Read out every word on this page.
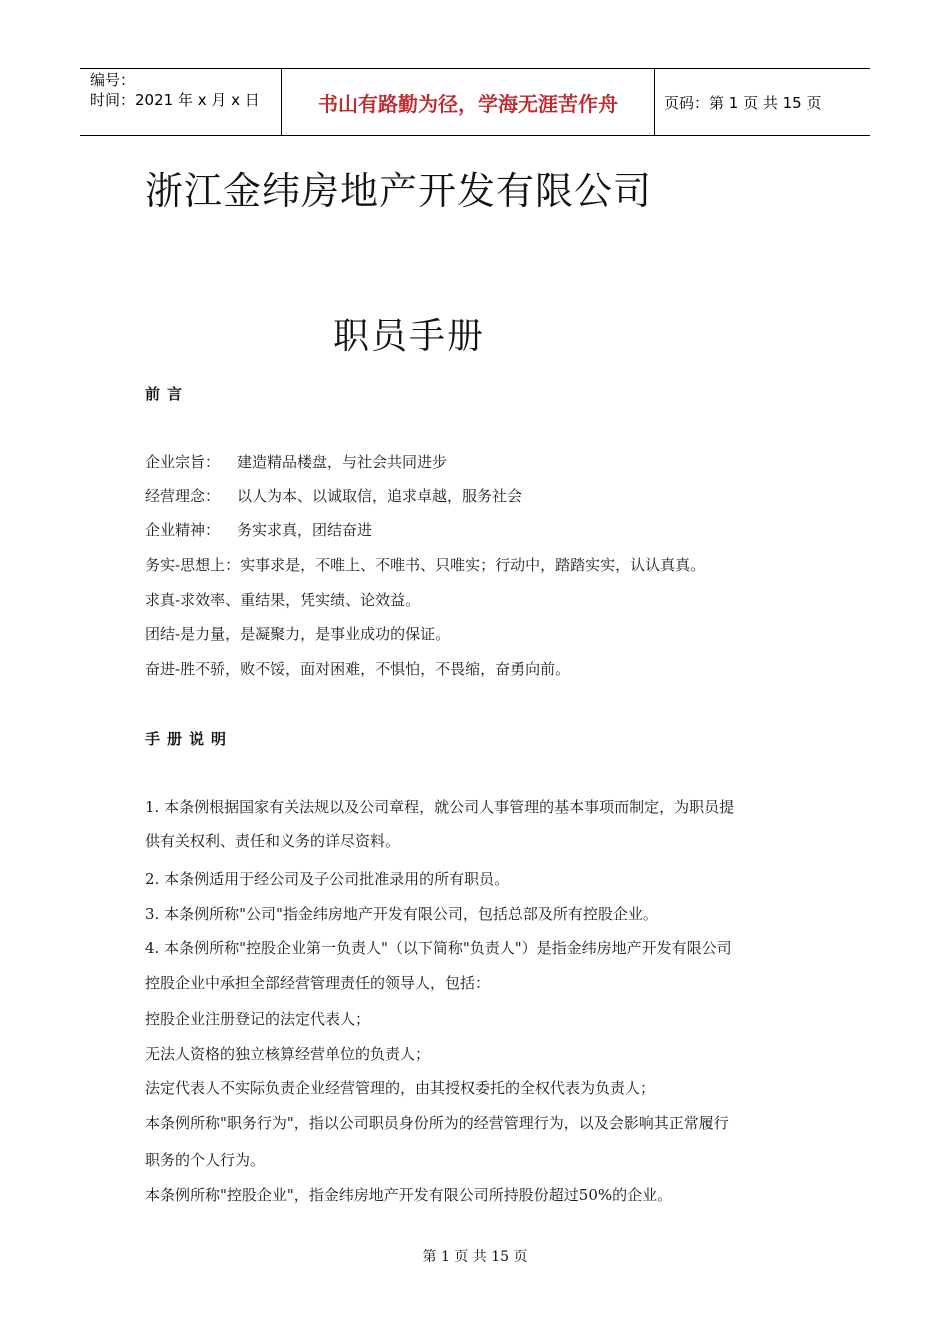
编号：
时间：2021 年 x 月 x 日	书山有路勤为径，学海无涯苦作舟	页码：第 1 页 共 15 页
浙江金纬房地产开发有限公司
职员手册
前言
企业宗旨： 建造精品楼盘，与社会共同进步
经营理念： 以人为本、以诚取信，追求卓越，服务社会
企业精神： 务实求真，团结奋进
务实-思想上：实事求是，不唯上、不唯书、只唯实；行动中，踏踏实实，认认真真。
求真-求效率、重结果，凭实绩、论效益。
团结-是力量，是凝聚力，是事业成功的保证。
奋进-胜不骄，败不馁，面对困难，不惧怕，不畏缩，奋勇向前。
手册说明
1. 本条例根据国家有关法规以及公司章程，就公司人事管理的基本事项而制定，为职员提
供有关权利、责任和义务的详尽资料。
2. 本条例适用于经公司及子公司批准录用的所有职员。
3. 本条例所称"公司"指金纬房地产开发有限公司，包括总部及所有控股企业。
4. 本条例所称"控股企业第一负责人"（以下简称"负责人"）是指金纬房地产开发有限公司
控股企业中承担全部经营管理责任的领导人，包括：
控股企业注册登记的法定代表人；
无法人资格的独立核算经营单位的负责人；
法定代表人不实际负责企业经营管理的，由其授权委托的全权代表为负责人；
本条例所称"职务行为"，指以公司职员身份所为的经营管理行为，以及会影响其正常履行
职务的个人行为。
本条例所称"控股企业"，指金纬房地产开发有限公司所持股份超过50%的企业。
第 1 页 共 15 页
